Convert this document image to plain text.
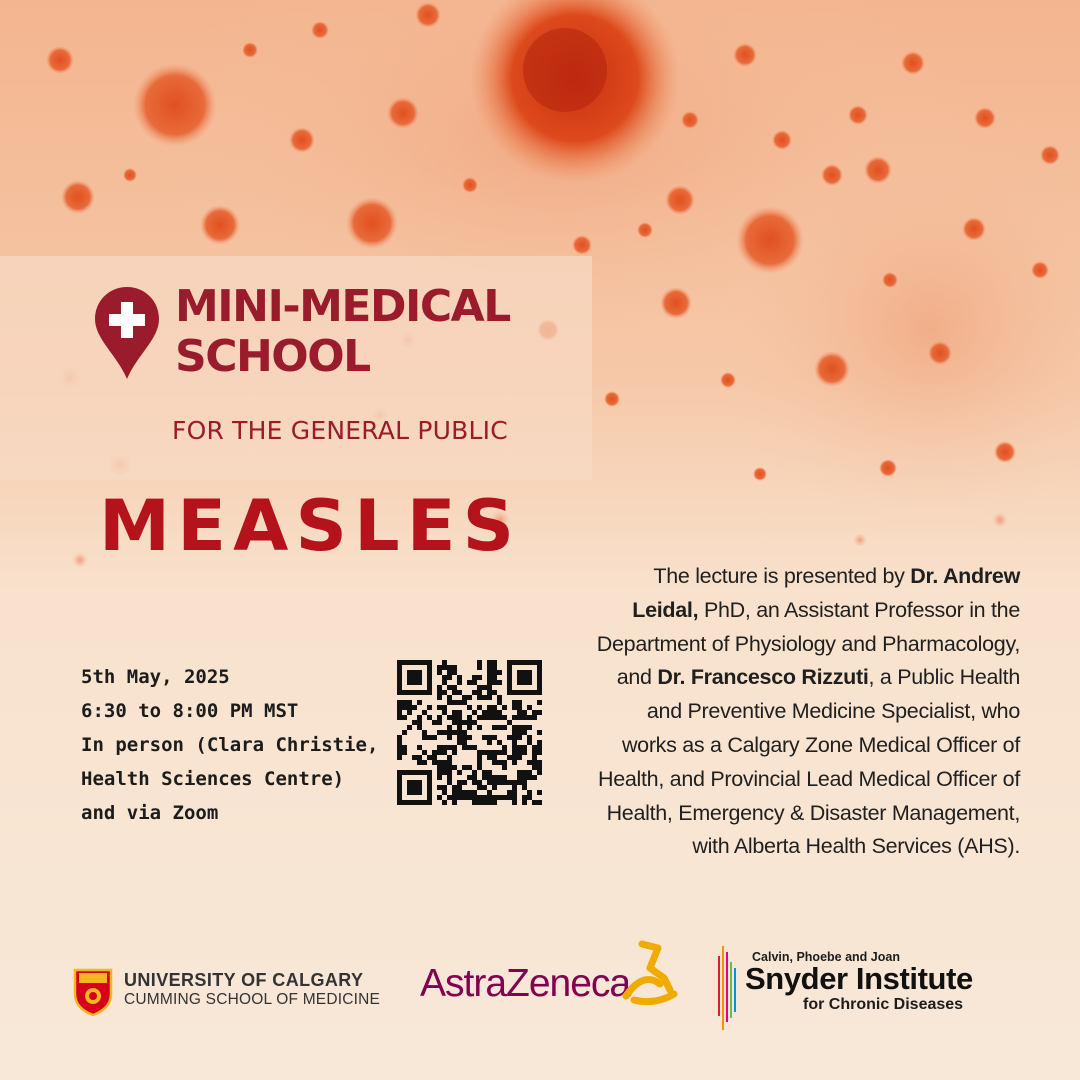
MINI-MEDICAL
SCHOOL
FOR THE GENERAL PUBLIC
MEASLES
5th May, 2025
6:30 to 8:00 PM MST
In person (Clara Christie,
Health Sciences Centre)
and via Zoom
The lecture is presented by Dr. Andrew Leidal, PhD, an Assistant Professor in the Department of Physiology and Pharmacology, and Dr. Francesco Rizzuti, a Public Health and Preventive Medicine Specialist, who works as a Calgary Zone Medical Officer of Health, and Provincial Lead Medical Officer of Health, Emergency & Disaster Management, with Alberta Health Services (AHS).
UNIVERSITY OF CALGARY
CUMMING SCHOOL OF MEDICINE AstraZeneca
Calvin, Phoebe and Joan
Snyder Institute
for Chronic Diseases
